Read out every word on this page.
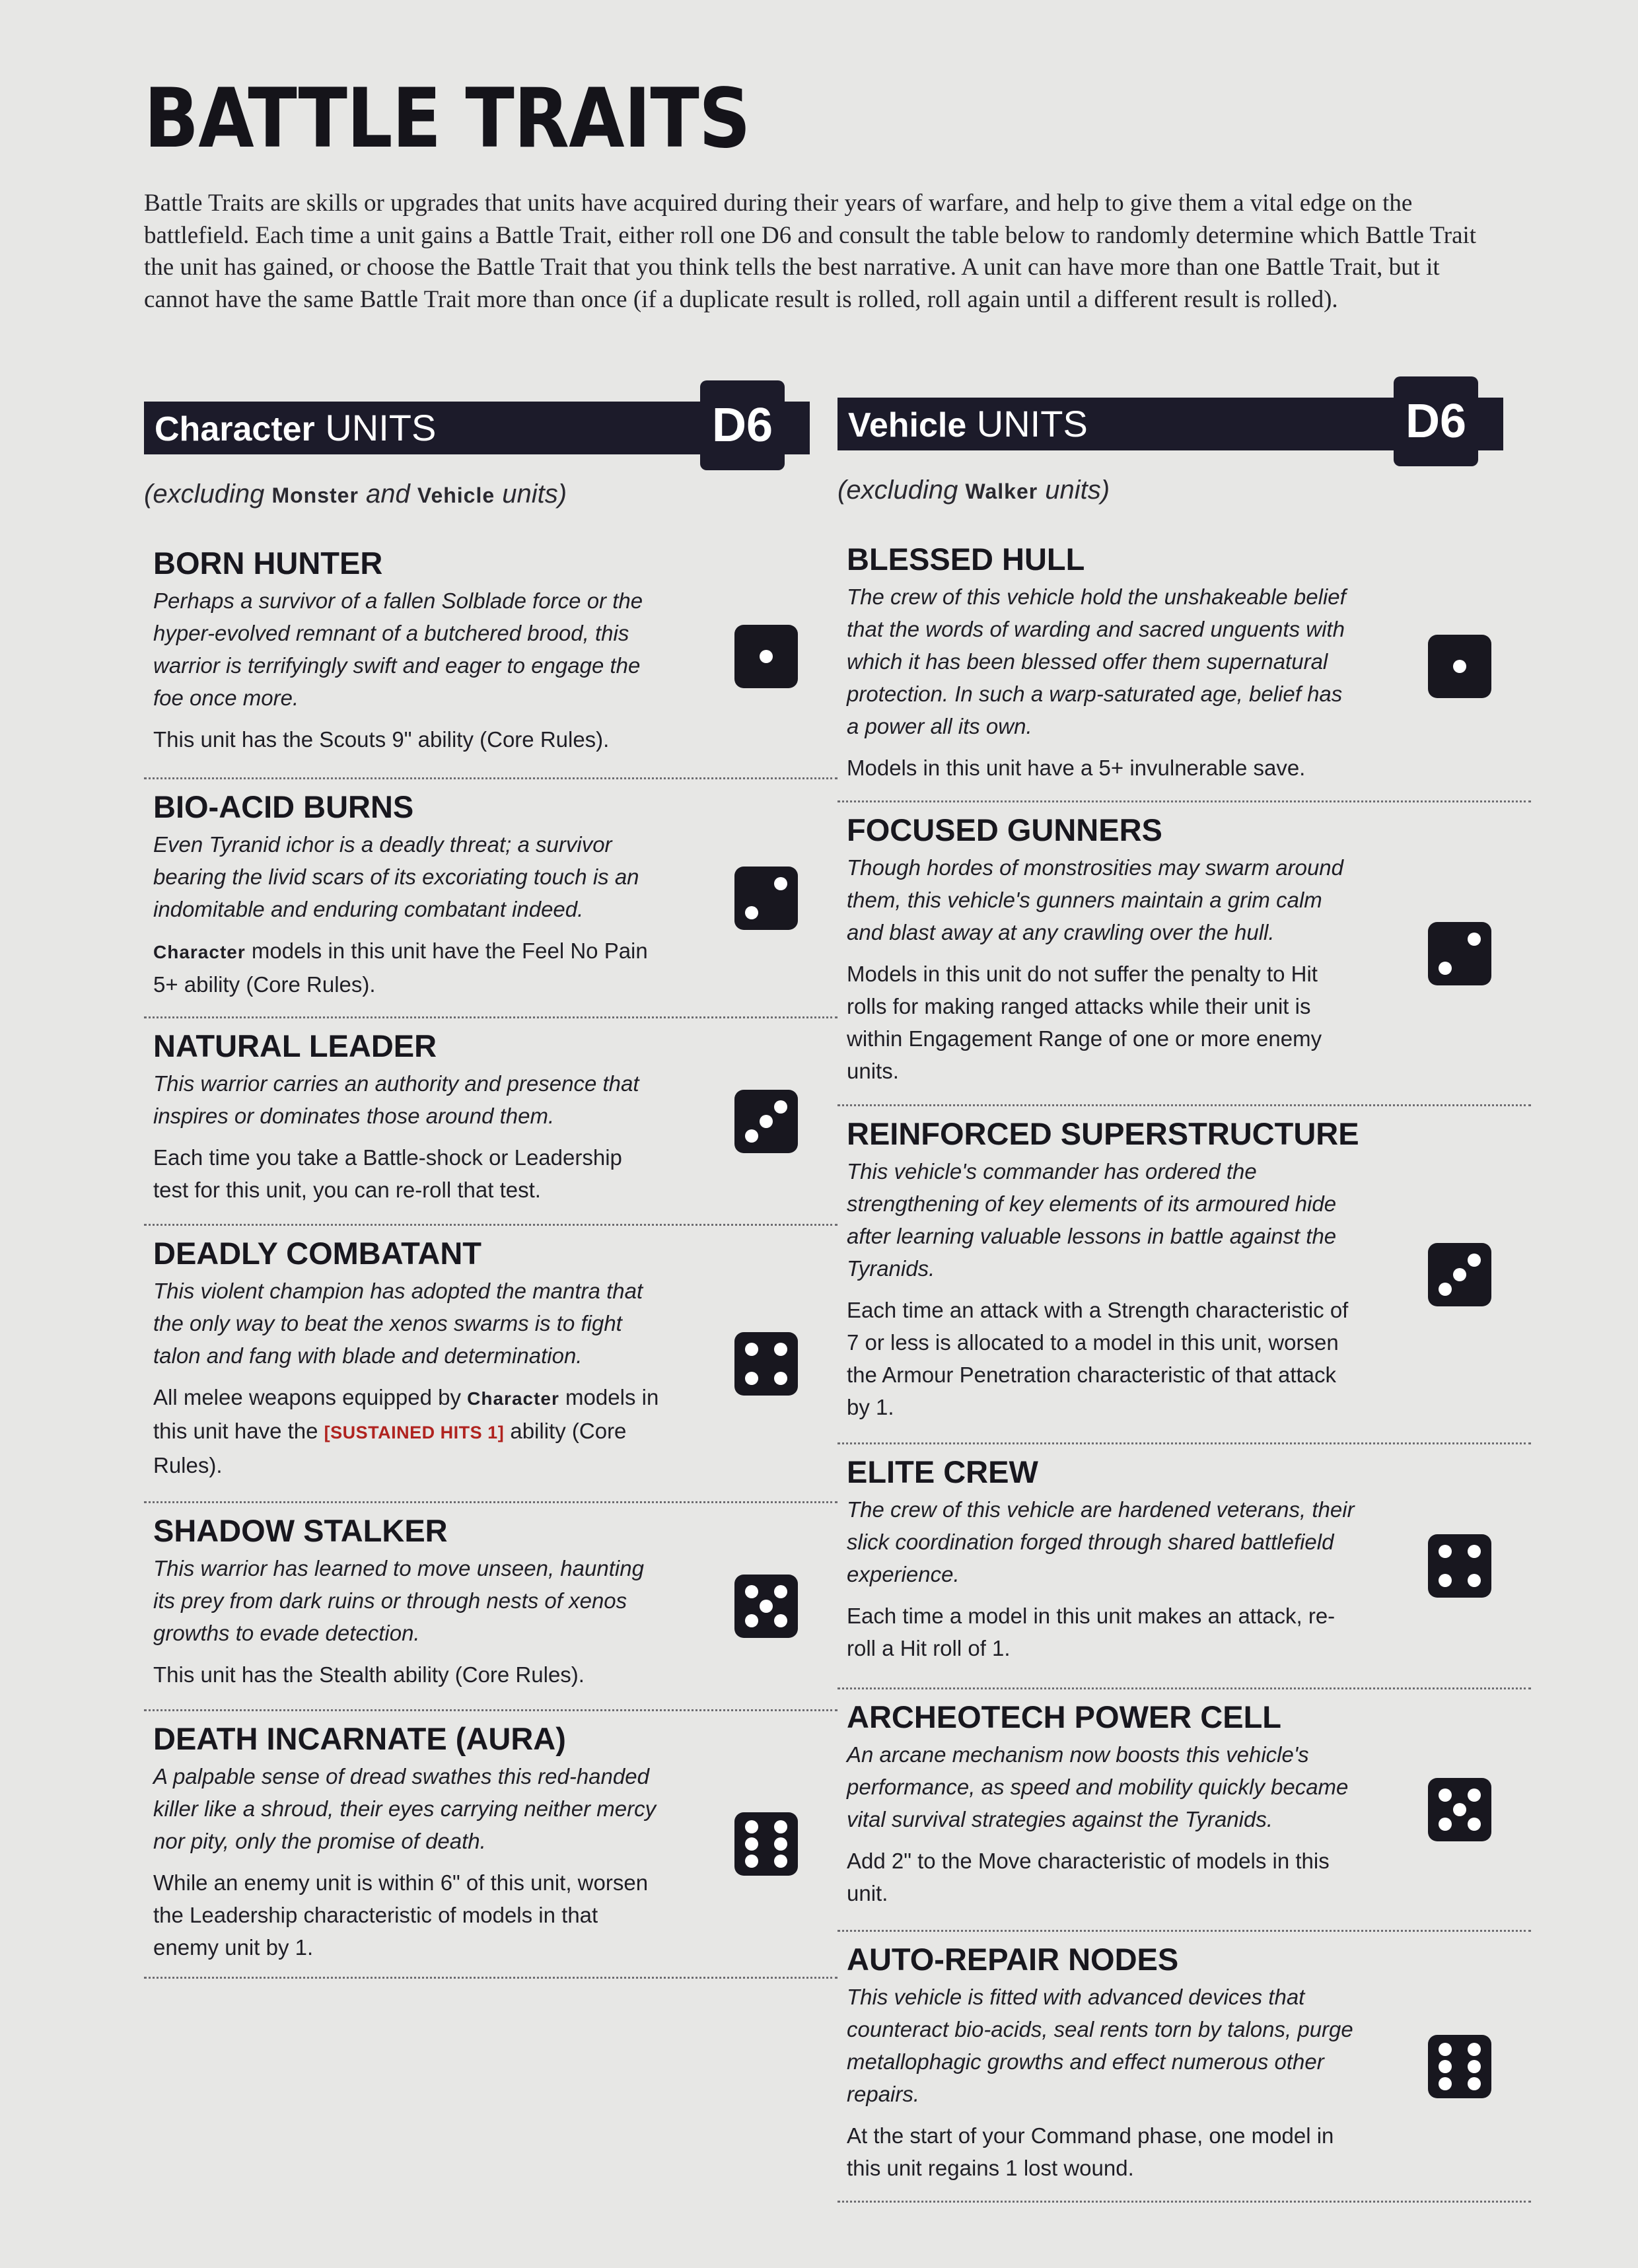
BATTLE TRAITS

Battle Traits are skills or upgrades that units have acquired during their years of warfare, and help to give them a vital edge on the battlefield. Each time a unit gains a Battle Trait, either roll one D6 and consult the table below to randomly determine which Battle Trait the unit has gained, or choose the Battle Trait that you think tells the best narrative. A unit can have more than one Battle Trait, but it cannot have the same Battle Trait more than once (if a duplicate result is rolled, roll again until a different result is rolled).

Character UNITS	D6
(excluding Monster and Vehicle units)
BORN HUNTER

Perhaps a survivor of a fallen Solblade force or the hyper-evolved remnant of a butchered brood, this warrior is terrifyingly swift and eager to engage the foe once more.

This unit has the Scouts 9" ability (Core Rules).

BIO-ACID BURNS

Even Tyranid ichor is a deadly threat; a survivor bearing the livid scars of its excoriating touch is an indomitable and enduring combatant indeed.

Character models in this unit have the Feel No Pain 5+ ability (Core Rules).

NATURAL LEADER

This warrior carries an authority and presence that inspires or dominates those around them.

Each time you take a Battle-shock or Leadership test for this unit, you can re-roll that test.

DEADLY COMBATANT

This violent champion has adopted the mantra that the only way to beat the xenos swarms is to fight talon and fang with blade and determination.

All melee weapons equipped by Character models in this unit have the [SUSTAINED HITS 1] ability (Core Rules).

SHADOW STALKER

This warrior has learned to move unseen, haunting its prey from dark ruins or through nests of xenos growths to evade detection.

This unit has the Stealth ability (Core Rules).

DEATH INCARNATE (AURA)

A palpable sense of dread swathes this red-handed killer like a shroud, their eyes carrying neither mercy nor pity, only the promise of death.

While an enemy unit is within 6" of this unit, worsen the Leadership characteristic of models in that enemy unit by 1.

Vehicle UNITS	D6
(excluding Walker units)
BLESSED HULL

The crew of this vehicle hold the unshakeable belief that the words of warding and sacred unguents with which it has been blessed offer them supernatural protection. In such a warp-saturated age, belief has a power all its own.

Models in this unit have a 5+ invulnerable save.

FOCUSED GUNNERS

Though hordes of monstrosities may swarm around them, this vehicle's gunners maintain a grim calm and blast away at any crawling over the hull.

Models in this unit do not suffer the penalty to Hit rolls for making ranged attacks while their unit is within Engagement Range of one or more enemy units.

REINFORCED SUPERSTRUCTURE

This vehicle's commander has ordered the strengthening of key elements of its armoured hide after learning valuable lessons in battle against the Tyranids.

Each time an attack with a Strength characteristic of 7 or less is allocated to a model in this unit, worsen the Armour Penetration characteristic of that attack by 1.

ELITE CREW

The crew of this vehicle are hardened veterans, their slick coordination forged through shared battlefield experience.

Each time a model in this unit makes an attack, re-roll a Hit roll of 1.

ARCHEOTECH POWER CELL

An arcane mechanism now boosts this vehicle's performance, as speed and mobility quickly became vital survival strategies against the Tyranids.

Add 2" to the Move characteristic of models in this unit.

AUTO-REPAIR NODES

This vehicle is fitted with advanced devices that counteract bio-acids, seal rents torn by talons, purge metallophagic growths and effect numerous other repairs.

At the start of your Command phase, one model in this unit regains 1 lost wound.
